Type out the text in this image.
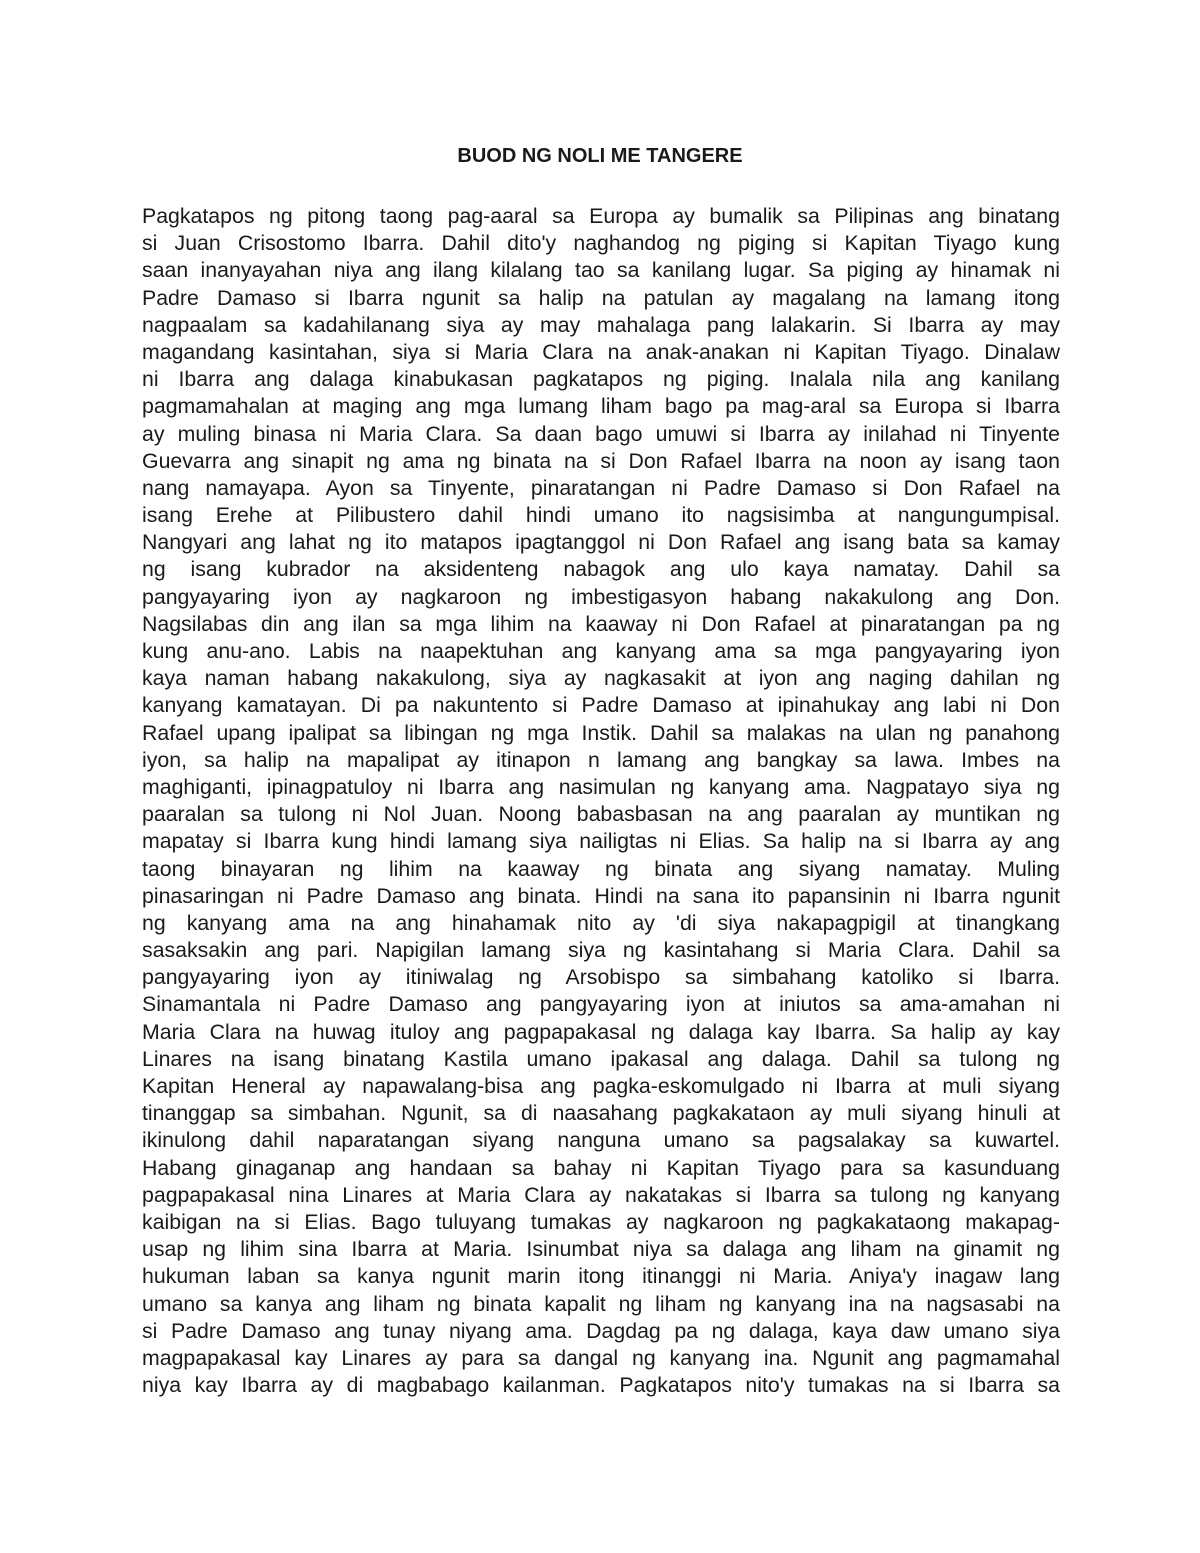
BUOD NG NOLI ME TANGERE
Pagkatapos ng pitong taong pag-aaral sa Europa ay bumalik sa Pilipinas ang binatang
si Juan Crisostomo Ibarra. Dahil dito'y naghandog ng piging si Kapitan Tiyago kung
saan inanyayahan niya ang ilang kilalang tao sa kanilang lugar. Sa piging ay hinamak ni
Padre Damaso si Ibarra ngunit sa halip na patulan ay magalang na lamang itong
nagpaalam sa kadahilanang siya ay may mahalaga pang lalakarin. Si Ibarra ay may
magandang kasintahan, siya si Maria Clara na anak-anakan ni Kapitan Tiyago. Dinalaw
ni Ibarra ang dalaga kinabukasan pagkatapos ng piging. Inalala nila ang kanilang
pagmamahalan at maging ang mga lumang liham bago pa mag-aral sa Europa si Ibarra
ay muling binasa ni Maria Clara. Sa daan bago umuwi si Ibarra ay inilahad ni Tinyente
Guevarra ang sinapit ng ama ng binata na si Don Rafael Ibarra na noon ay isang taon
nang namayapa. Ayon sa Tinyente, pinaratangan ni Padre Damaso si Don Rafael na
isang Erehe at Pilibustero dahil hindi umano ito nagsisimba at nangungumpisal.
Nangyari ang lahat ng ito matapos ipagtanggol ni Don Rafael ang isang bata sa kamay
ng isang kubrador na aksidenteng nabagok ang ulo kaya namatay. Dahil sa
pangyayaring iyon ay nagkaroon ng imbestigasyon habang nakakulong ang Don.
Nagsilabas din ang ilan sa mga lihim na kaaway ni Don Rafael at pinaratangan pa ng
kung anu-ano. Labis na naapektuhan ang kanyang ama sa mga pangyayaring iyon
kaya naman habang nakakulong, siya ay nagkasakit at iyon ang naging dahilan ng
kanyang kamatayan. Di pa nakuntento si Padre Damaso at ipinahukay ang labi ni Don
Rafael upang ipalipat sa libingan ng mga Instik. Dahil sa malakas na ulan ng panahong
iyon, sa halip na mapalipat ay itinapon n lamang ang bangkay sa lawa. Imbes na
maghiganti, ipinagpatuloy ni Ibarra ang nasimulan ng kanyang ama. Nagpatayo siya ng
paaralan sa tulong ni Nol Juan. Noong babasbasan na ang paaralan ay muntikan ng
mapatay si Ibarra kung hindi lamang siya nailigtas ni Elias. Sa halip na si Ibarra ay ang
taong binayaran ng lihim na kaaway ng binata ang siyang namatay. Muling
pinasaringan ni Padre Damaso ang binata. Hindi na sana ito papansinin ni Ibarra ngunit
ng kanyang ama na ang hinahamak nito ay 'di siya nakapagpigil at tinangkang
sasaksakin ang pari. Napigilan lamang siya ng kasintahang si Maria Clara. Dahil sa
pangyayaring iyon ay itiniwalag ng Arsobispo sa simbahang katoliko si Ibarra.
Sinamantala ni Padre Damaso ang pangyayaring iyon at iniutos sa ama-amahan ni
Maria Clara na huwag ituloy ang pagpapakasal ng dalaga kay Ibarra. Sa halip ay kay
Linares na isang binatang Kastila umano ipakasal ang dalaga. Dahil sa tulong ng
Kapitan Heneral ay napawalang-bisa ang pagka-eskomulgado ni Ibarra at muli siyang
tinanggap sa simbahan. Ngunit, sa di naasahang pagkakataon ay muli siyang hinuli at
ikinulong dahil naparatangan siyang nanguna umano sa pagsalakay sa kuwartel.
Habang ginaganap ang handaan sa bahay ni Kapitan Tiyago para sa kasunduang
pagpapakasal nina Linares at Maria Clara ay nakatakas si Ibarra sa tulong ng kanyang
kaibigan na si Elias. Bago tuluyang tumakas ay nagkaroon ng pagkakataong makapag-
usap ng lihim sina Ibarra at Maria. Isinumbat niya sa dalaga ang liham na ginamit ng
hukuman laban sa kanya ngunit marin itong itinanggi ni Maria. Aniya'y inagaw lang
umano sa kanya ang liham ng binata kapalit ng liham ng kanyang ina na nagsasabi na
si Padre Damaso ang tunay niyang ama. Dagdag pa ng dalaga, kaya daw umano siya
magpapakasal kay Linares ay para sa dangal ng kanyang ina. Ngunit ang pagmamahal
niya kay Ibarra ay di magbabago kailanman. Pagkatapos nito'y tumakas na si Ibarra sa
